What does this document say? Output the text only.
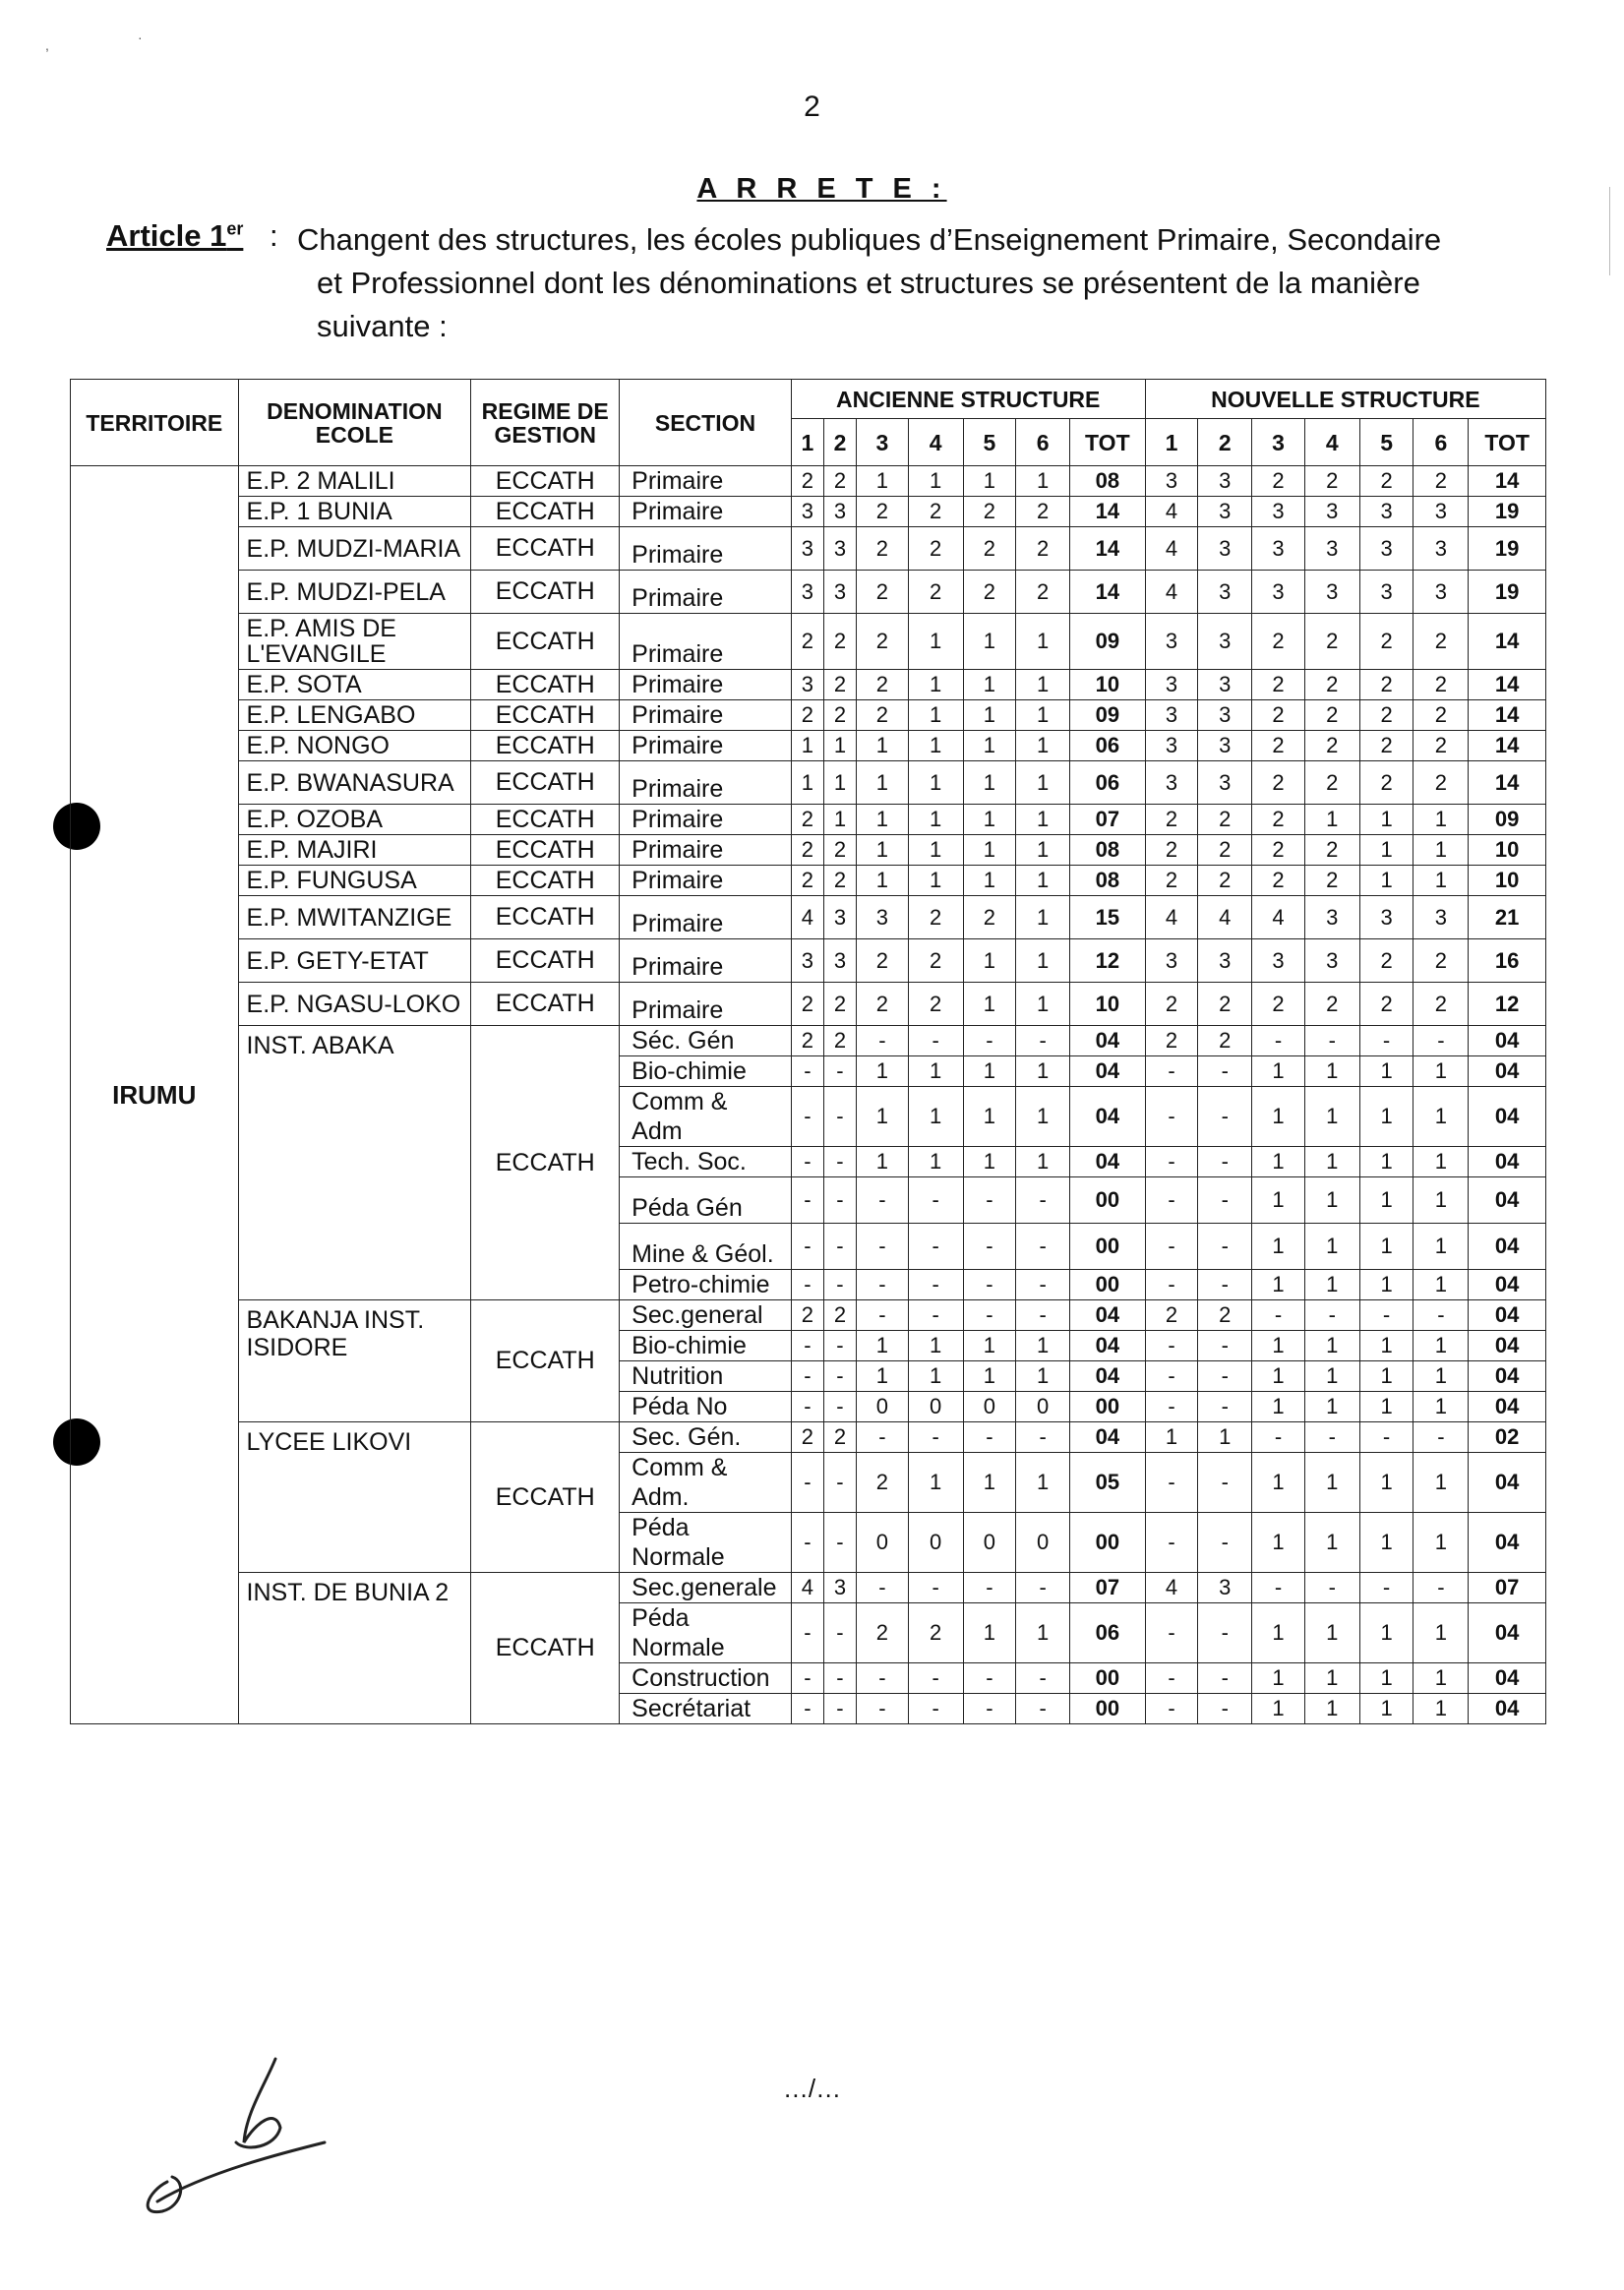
,	·
2
A R R E T E :
Article 1er : Changent des structures, les écoles publiques d’Enseignement Primaire, Secondaire
et Professionnel dont les dénominations et structures se présentent de la manière
suivante :
TERRITOIRE	DENOMINATION ECOLE	REGIME DE GESTION	SECTION	ANCIENNE STRUCTURE							NOUVELLE STRUCTURE						
				1	2	3	4	5	6	TOT	1	2	3	4	5	6	TOT
IRUMU	E.P. 2 MALILI	ECCATH	Primaire	2	2	1	1	1	1	08	3	3	2	2	2	2	14
	E.P. 1 BUNIA	ECCATH	Primaire	3	3	2	2	2	2	14	4	3	3	3	3	3	19
	E.P. MUDZI-MARIA	ECCATH	Primaire	3	3	2	2	2	2	14	4	3	3	3	3	3	19
	E.P. MUDZI-PELA	ECCATH	Primaire	3	3	2	2	2	2	14	4	3	3	3	3	3	19
	E.P. AMIS DE L'EVANGILE	ECCATH	Primaire	2	2	2	1	1	1	09	3	3	2	2	2	2	14
	E.P. SOTA	ECCATH	Primaire	3	2	2	1	1	1	10	3	3	2	2	2	2	14
	E.P. LENGABO	ECCATH	Primaire	2	2	2	1	1	1	09	3	3	2	2	2	2	14
	E.P. NONGO	ECCATH	Primaire	1	1	1	1	1	1	06	3	3	2	2	2	2	14
	E.P. BWANASURA	ECCATH	Primaire	1	1	1	1	1	1	06	3	3	2	2	2	2	14
	E.P. OZOBA	ECCATH	Primaire	2	1	1	1	1	1	07	2	2	2	1	1	1	09
	E.P. MAJIRI	ECCATH	Primaire	2	2	1	1	1	1	08	2	2	2	2	1	1	10
	E.P. FUNGUSA	ECCATH	Primaire	2	2	1	1	1	1	08	2	2	2	2	1	1	10
	E.P. MWITANZIGE	ECCATH	Primaire	4	3	3	2	2	1	15	4	4	4	3	3	3	21
	E.P. GETY-ETAT	ECCATH	Primaire	3	3	2	2	1	1	12	3	3	3	3	2	2	16
	E.P. NGASU-LOKO	ECCATH	Primaire	2	2	2	2	1	1	10	2	2	2	2	2	2	12
	INST. ABAKA	ECCATH	Séc. Gén	2	2	-	-	-	-	04	2	2	-	-	-	-	04
			Bio-chimie	-	-	1	1	1	1	04	-	-	1	1	1	1	04
			Comm & Adm	-	-	1	1	1	1	04	-	-	1	1	1	1	04
			Tech. Soc.	-	-	1	1	1	1	04	-	-	1	1	1	1	04
			Péda Gén	-	-	-	-	-	-	00	-	-	1	1	1	1	04
			Mine & Géol.	-	-	-	-	-	-	00	-	-	1	1	1	1	04
			Petro-chimie	-	-	-	-	-	-	00	-	-	1	1	1	1	04
	BAKANJA INST. ISIDORE	ECCATH	Sec.general	2	2	-	-	-	-	04	2	2	-	-	-	-	04
			Bio-chimie	-	-	1	1	1	1	04	-	-	1	1	1	1	04
			Nutrition	-	-	1	1	1	1	04	-	-	1	1	1	1	04
			Péda No	-	-	0	0	0	0	00	-	-	1	1	1	1	04
	LYCEE LIKOVI	ECCATH	Sec. Gén.	2	2	-	-	-	-	04	1	1	-	-	-	-	02
			Comm & Adm.	-	-	2	1	1	1	05	-	-	1	1	1	1	04
			Péda Normale	-	-	0	0	0	0	00	-	-	1	1	1	1	04
	INST. DE BUNIA 2	ECCATH	Sec.generale	4	3	-	-	-	-	07	4	3	-	-	-	-	07
			Péda Normale	-	-	2	2	1	1	06	-	-	1	1	1	1	04
			Construction	-	-	-	-	-	-	00	-	-	1	1	1	1	04
			Secrétariat	-	-	-	-	-	-	00	-	-	1	1	1	1	04
…/…
